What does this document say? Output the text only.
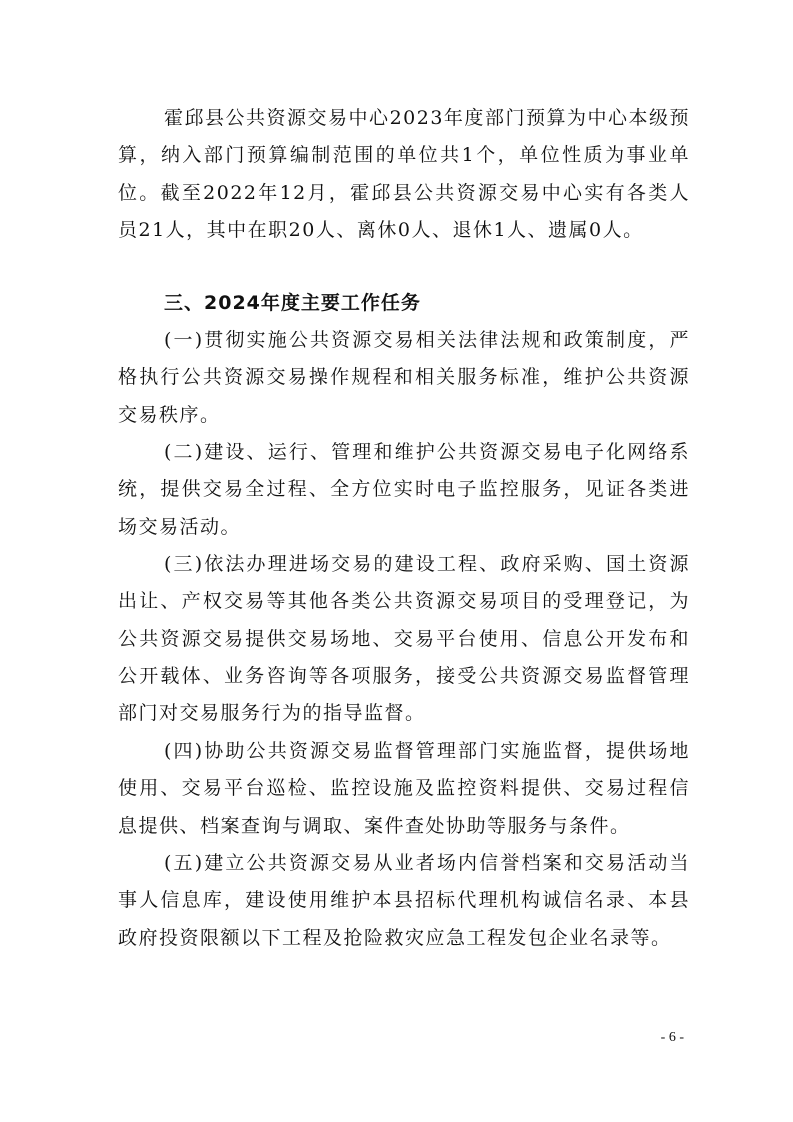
霍邱县公共资源交易中心2023年度部门预算为中心本级预算，纳入部门预算编制范围的单位共1个，单位性质为事业单位。截至2022年12月，霍邱县公共资源交易中心实有各类人员21人，其中在职20人、离休0人、退休1人、遗属0人。

三、2024年度主要工作任务

(一)贯彻实施公共资源交易相关法律法规和政策制度，严格执行公共资源交易操作规程和相关服务标准，维护公共资源交易秩序。

(二)建设、运行、管理和维护公共资源交易电子化网络系统，提供交易全过程、全方位实时电子监控服务，见证各类进场交易活动。

(三)依法办理进场交易的建设工程、政府采购、国土资源出让、产权交易等其他各类公共资源交易项目的受理登记，为公共资源交易提供交易场地、交易平台使用、信息公开发布和公开载体、业务咨询等各项服务，接受公共资源交易监督管理部门对交易服务行为的指导监督。

(四)协助公共资源交易监督管理部门实施监督，提供场地使用、交易平台巡检、监控设施及监控资料提供、交易过程信息提供、档案查询与调取、案件查处协助等服务与条件。

(五)建立公共资源交易从业者场内信誉档案和交易活动当事人信息库，建设使用维护本县招标代理机构诚信名录、本县政府投资限额以下工程及抢险救灾应急工程发包企业名录等。

- 6 -
